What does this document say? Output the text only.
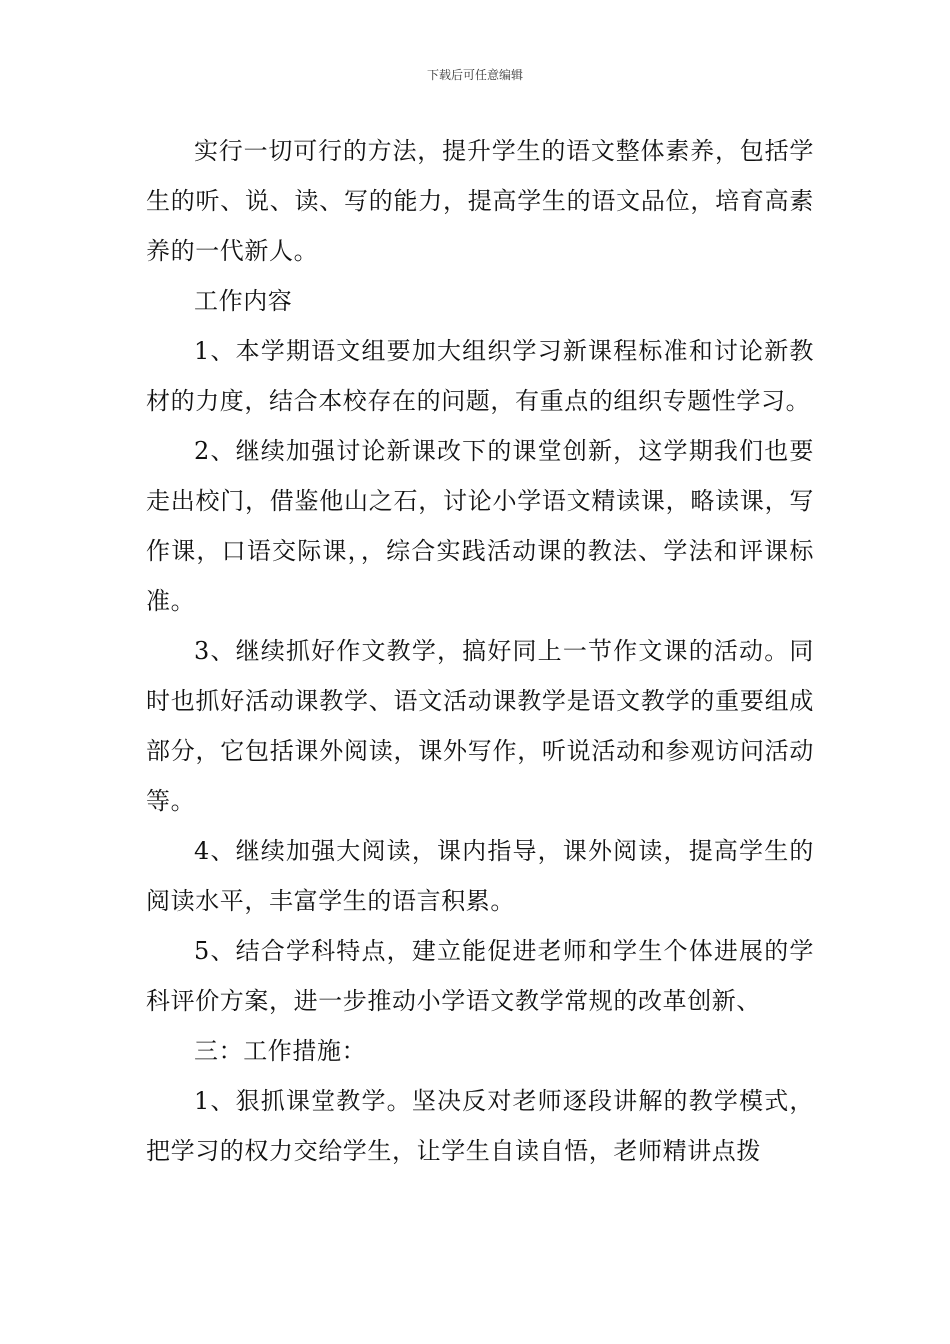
下载后可任意编辑

实行一切可行的方法，提升学生的语文整体素养，包括学生的听、说、读、写的能力，提高学生的语文品位，培育高素养的一代新人。

工作内容

1、本学期语文组要加大组织学习新课程标准和讨论新教材的力度，结合本校存在的问题，有重点的组织专题性学习。

2、继续加强讨论新课改下的课堂创新，这学期我们也要走出校门，借鉴他山之石，讨论小学语文精读课，略读课，写作课，口语交际课，，综合实践活动课的教法、学法和评课标准。

3、继续抓好作文教学，搞好同上一节作文课的活动。同时也抓好活动课教学、语文活动课教学是语文教学的重要组成部分，它包括课外阅读，课外写作，听说活动和参观访问活动等。

4、继续加强大阅读，课内指导，课外阅读，提高学生的阅读水平，丰富学生的语言积累。

5、结合学科特点，建立能促进老师和学生个体进展的学科评价方案，进一步推动小学语文教学常规的改革创新、

三：工作措施：

1、狠抓课堂教学。坚决反对老师逐段讲解的教学模式，把学习的权力交给学生，让学生自读自悟，老师精讲点拨
